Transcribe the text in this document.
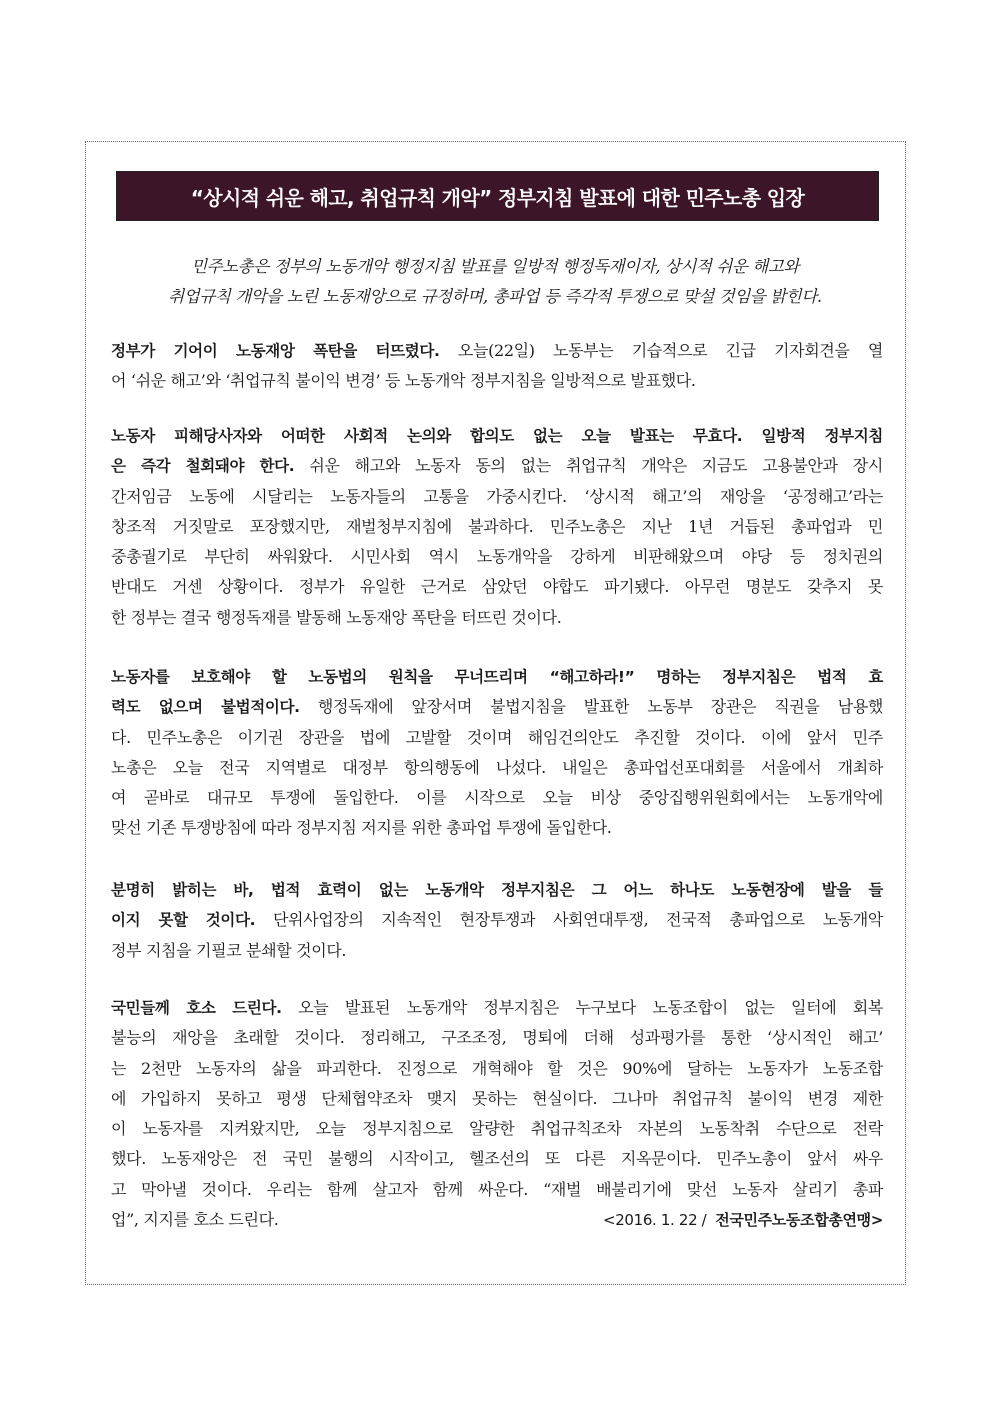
“상시적 쉬운 해고, 취업규칙 개악” 정부지침 발표에 대한 민주노총 입장
민주노총은 정부의 노동개악 행정지침 발표를 일방적 행정독재이자, 상시적 쉬운 해고와
취업규칙 개악을 노린 노동재앙으로 규정하며, 총파업 등 즉각적 투쟁으로 맞설 것임을 밝힌다.
정부가 기어이 노동재앙 폭탄을 터뜨렸다. 오늘(22일) 노동부는 기습적으로 긴급 기자회견을 열
어 ‘쉬운 해고’와 ‘취업규칙 불이익 변경’ 등 노동개악 정부지침을 일방적으로 발표했다.
노동자 피해당사자와 어떠한 사회적 논의와 합의도 없는 오늘 발표는 무효다. 일방적 정부지침
은 즉각 철회돼야 한다. 쉬운 해고와 노동자 동의 없는 취업규칙 개악은 지금도 고용불안과 장시
간저임금 노동에 시달리는 노동자들의 고통을 가중시킨다. ‘상시적 해고’의 재앙을 ‘공정해고’라는
창조적 거짓말로 포장했지만, 재벌청부지침에 불과하다. 민주노총은 지난 1년 거듭된 총파업과 민
중총궐기로 부단히 싸워왔다. 시민사회 역시 노동개악을 강하게 비판해왔으며 야당 등 정치권의
반대도 거센 상황이다. 정부가 유일한 근거로 삼았던 야합도 파기됐다. 아무런 명분도 갖추지 못
한 정부는 결국 행정독재를 발동해 노동재앙 폭탄을 터뜨린 것이다.
노동자를 보호해야 할 노동법의 원칙을 무너뜨리며 “해고하라!” 명하는 정부지침은 법적 효
력도 없으며 불법적이다. 행정독재에 앞장서며 불법지침을 발표한 노동부 장관은 직권을 남용했
다. 민주노총은 이기권 장관을 법에 고발할 것이며 해임건의안도 추진할 것이다. 이에 앞서 민주
노총은 오늘 전국 지역별로 대정부 항의행동에 나섰다. 내일은 총파업선포대회를 서울에서 개최하
여 곧바로 대규모 투쟁에 돌입한다. 이를 시작으로 오늘 비상 중앙집행위원회에서는 노동개악에
맞선 기존 투쟁방침에 따라 정부지침 저지를 위한 총파업 투쟁에 돌입한다.
분명히 밝히는 바, 법적 효력이 없는 노동개악 정부지침은 그 어느 하나도 노동현장에 발을 들
이지 못할 것이다. 단위사업장의 지속적인 현장투쟁과 사회연대투쟁, 전국적 총파업으로 노동개악
정부 지침을 기필코 분쇄할 것이다.
국민들께 호소 드린다. 오늘 발표된 노동개악 정부지침은 누구보다 노동조합이 없는 일터에 회복
불능의 재앙을 초래할 것이다. 정리해고, 구조조정, 명퇴에 더해 성과평가를 통한 ‘상시적인 해고’
는 2천만 노동자의 삶을 파괴한다. 진정으로 개혁해야 할 것은 90%에 달하는 노동자가 노동조합
에 가입하지 못하고 평생 단체협약조차 맺지 못하는 현실이다. 그나마 취업규칙 불이익 변경 제한
이 노동자를 지켜왔지만, 오늘 정부지침으로 알량한 취업규칙조차 자본의 노동착취 수단으로 전락
했다. 노동재앙은 전 국민 불행의 시작이고, 헬조선의 또 다른 지옥문이다. 민주노총이 앞서 싸우
고 막아낼 것이다. 우리는 함께 살고자 함께 싸운다. “재벌 배불리기에 맞선 노동자 살리기 총파
업”, 지지를 호소 드린다.	<2016. 1. 22 / 전국민주노동조합총연맹>
